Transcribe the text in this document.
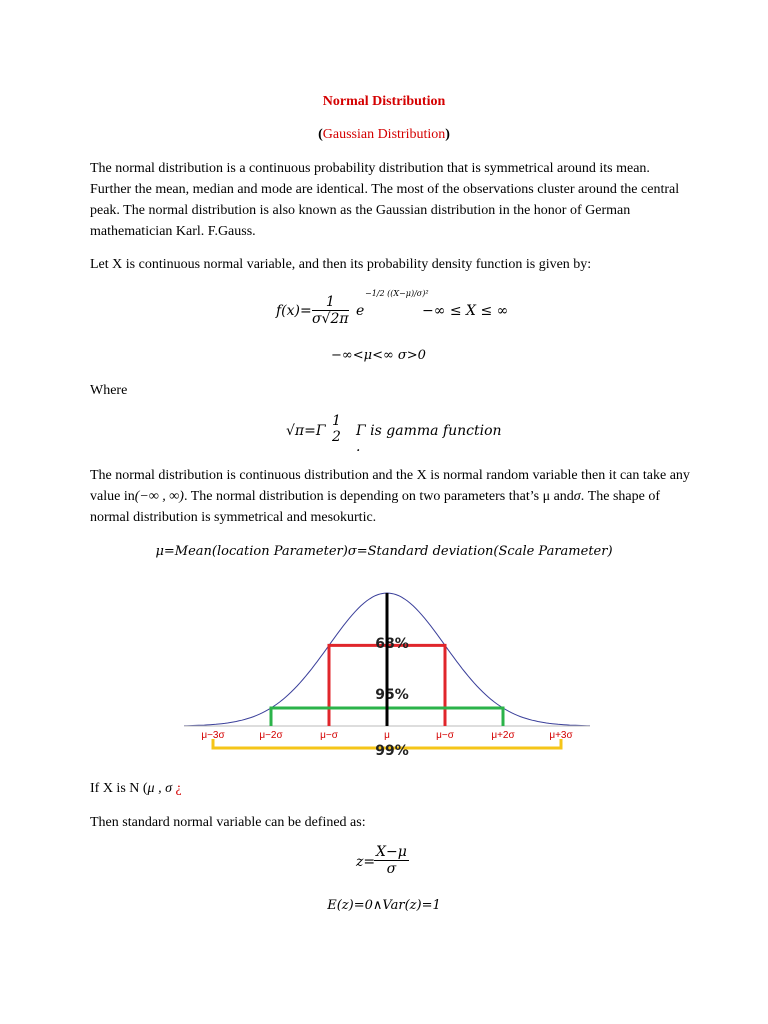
Normal Distribution
(Gaussian Distribution)
The normal distribution is a continuous probability distribution that is symmetrical around its mean. Further the mean, median and mode are identical. The most of the observations cluster around the central peak. The normal distribution is also known as the Gaussian distribution in the honor of German mathematician Karl. F.Gauss.
Let X is continuous normal variable, and then its probability density function is given by:
$f(x)= \frac{1}{\sigma√2\pi}$ e
−1/2 ((X−μ)/σ)²
−∞ ≤ X ≤ ∞
−∞<μ<∞ σ>0
Where
√π=Γ
1
2 Γ is gamma function .
The normal distribution is continuous distribution and the X is normal random variable then it can take any value in(−∞ , ∞). The normal distribution is depending on two parameters that’s μ andσ. The shape of normal distribution is symmetrical and mesokurtic.
μ=Mean(location Parameter)σ=Standard deviation(Scale Parameter)
μ−3σ	μ−2σ	μ−σ	μ	μ−σ	μ+2σ	μ+3σ
68%
95%
99%
If X is N (μ , σ ¿
Then standard normal variable can be defined as:
z=
$\frac{X-\mu}{\sigma}$
E(z)=0∧Var(z)=1
